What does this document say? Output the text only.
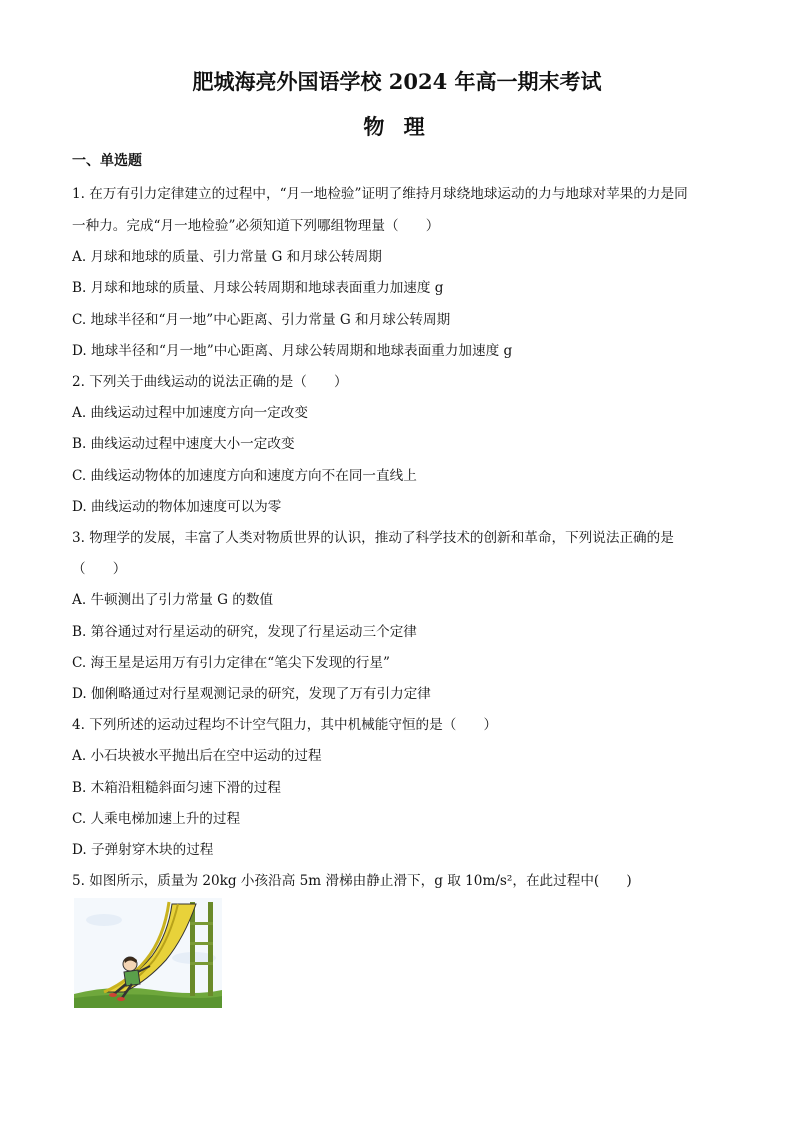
肥城海亮外国语学校 2024 年高一期末考试
物 理
一、单选题
1. 在万有引力定律建立的过程中，“月一地检验”证明了维持月球绕地球运动的力与地球对苹果的力是同
一种力。完成“月一地检验”必须知道下列哪组物理量（　　）
A. 月球和地球的质量、引力常量 G 和月球公转周期
B. 月球和地球的质量、月球公转周期和地球表面重力加速度 g
C. 地球半径和“月一地”中心距离、引力常量 G 和月球公转周期
D. 地球半径和“月一地”中心距离、月球公转周期和地球表面重力加速度 g
2. 下列关于曲线运动的说法正确的是（　　）
A. 曲线运动过程中加速度方向一定改变
B. 曲线运动过程中速度大小一定改变
C. 曲线运动物体的加速度方向和速度方向不在同一直线上
D. 曲线运动的物体加速度可以为零
3. 物理学的发展，丰富了人类对物质世界的认识，推动了科学技术的创新和革命，下列说法正确的是
（　　）
A. 牛顿测出了引力常量 G 的数值
B. 第谷通过对行星运动的研究，发现了行星运动三个定律
C. 海王星是运用万有引力定律在“笔尖下发现的行星”
D. 伽俐略通过对行星观测记录的研究，发现了万有引力定律
4. 下列所述的运动过程均不计空气阻力，其中机械能守恒的是（　　）
A. 小石块被水平抛出后在空中运动的过程
B. 木箱沿粗糙斜面匀速下滑的过程
C. 人乘电梯加速上升的过程
D. 子弹射穿木块的过程
5. 如图所示，质量为 20kg 小孩沿高 5m 滑梯由静止滑下，g 取 10m/s²，在此过程中(　　)
